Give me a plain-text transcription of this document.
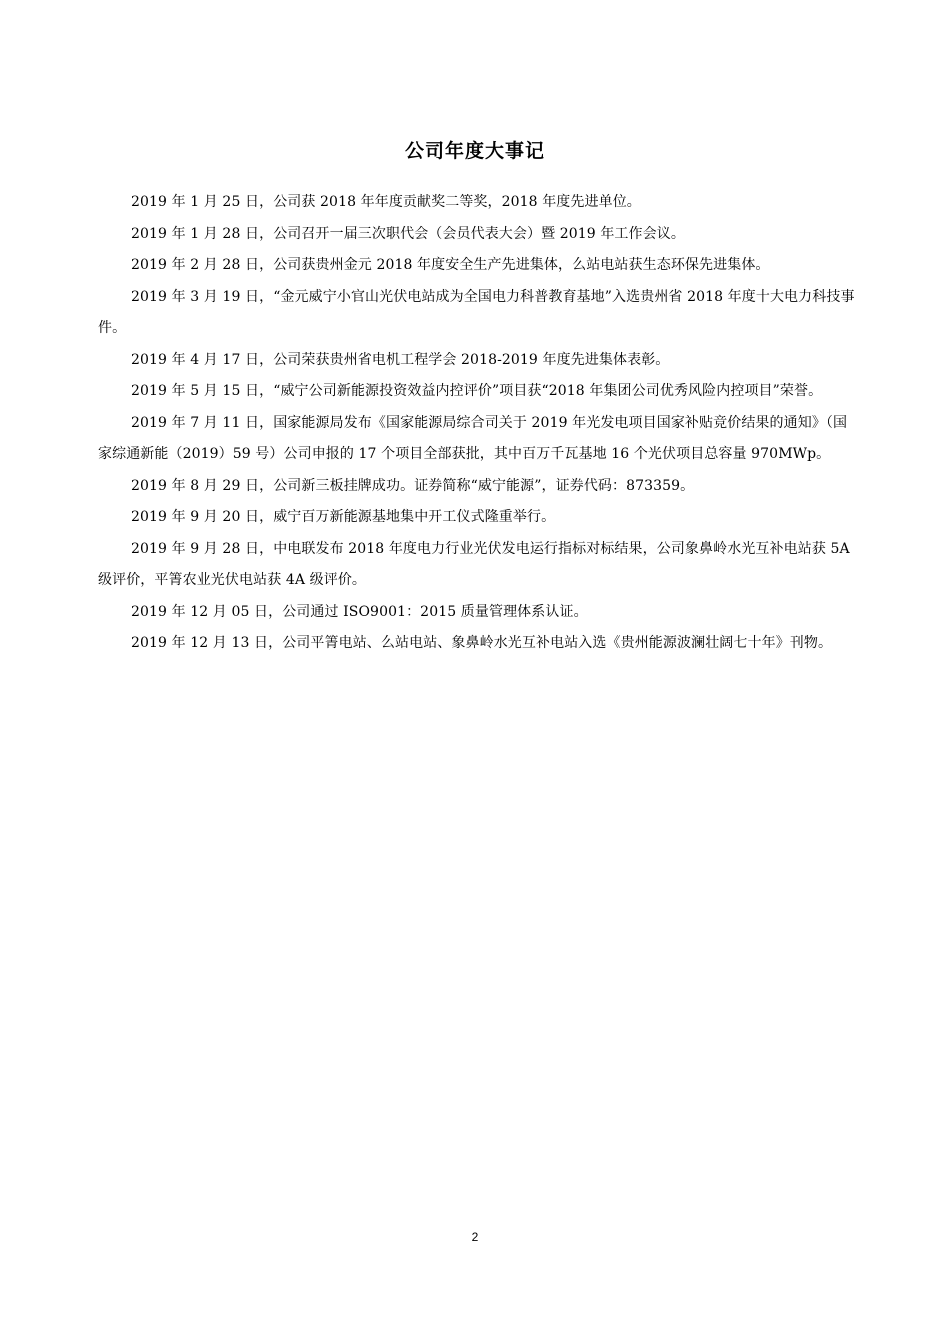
公司年度大事记
2019 年 1 月 25 日，公司获 2018 年年度贡献奖二等奖，2018 年度先进单位。
2019 年 1 月 28 日，公司召开一届三次职代会（会员代表大会）暨 2019 年工作会议。
2019 年 2 月 28 日，公司获贵州金元 2018 年度安全生产先进集体，么站电站获生态环保先进集体。
2019 年 3 月 19 日，“金元威宁小官山光伏电站成为全国电力科普教育基地”入选贵州省 2018 年度十大电力科技事件。
2019 年 4 月 17 日，公司荣获贵州省电机工程学会 2018-2019 年度先进集体表彰。
2019 年 5 月 15 日，“威宁公司新能源投资效益内控评价”项目获“2018 年集团公司优秀风险内控项目”荣誉。
2019 年 7 月 11 日，国家能源局发布《国家能源局综合司关于 2019 年光发电项目国家补贴竞价结果的通知》（国家综通新能（2019）59 号）公司申报的 17 个项目全部获批，其中百万千瓦基地 16 个光伏项目总容量 970MWp。
2019 年 8 月 29 日，公司新三板挂牌成功。证券简称“威宁能源”，证券代码：873359。
2019 年 9 月 20 日，威宁百万新能源基地集中开工仪式隆重举行。
2019 年 9 月 28 日，中电联发布 2018 年度电力行业光伏发电运行指标对标结果，公司象鼻岭水光互补电站获 5A 级评价，平箐农业光伏电站获 4A 级评价。
2019 年 12 月 05 日，公司通过 ISO9001：2015 质量管理体系认证。
2019 年 12 月 13 日，公司平箐电站、么站电站、象鼻岭水光互补电站入选《贵州能源波澜壮阔七十年》刊物。
2
